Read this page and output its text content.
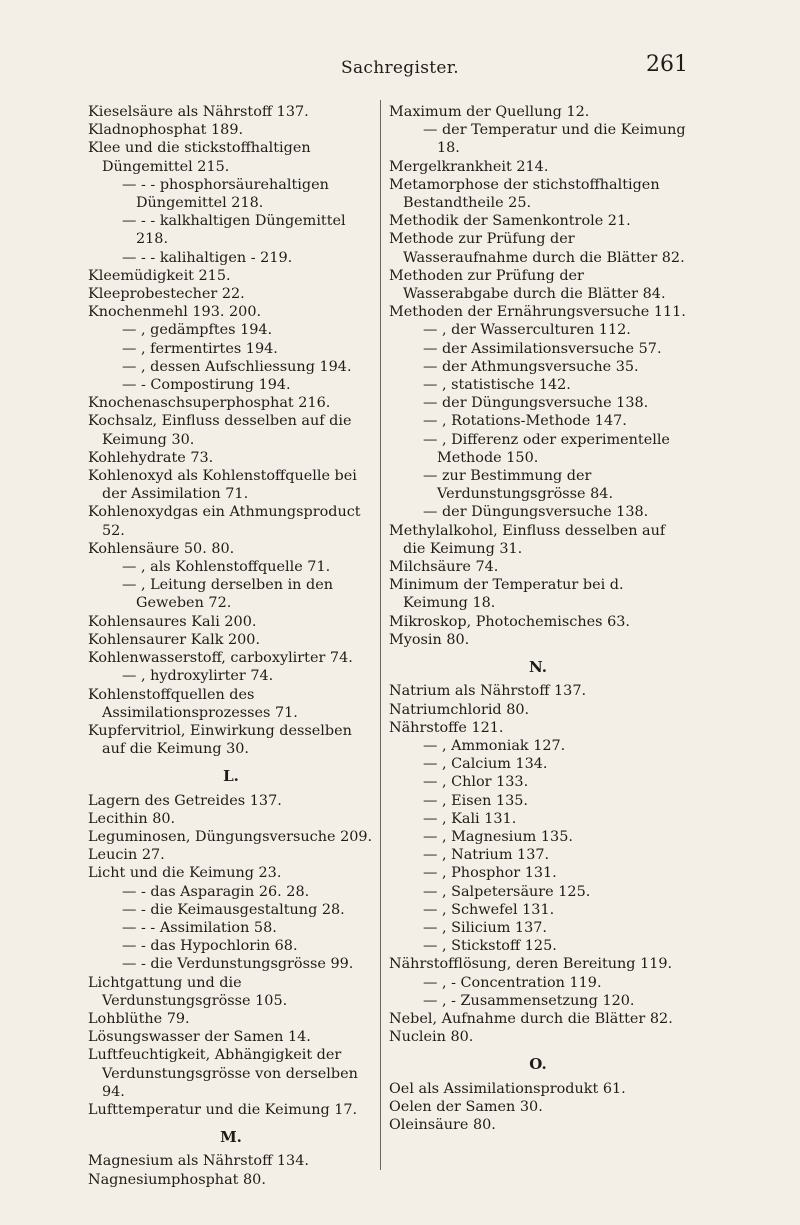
Sachregister.	261
Kieselsäure als Nährstoff 137.
Kladnophosphat 189.
Klee und die stickstoffhaltigen Düngemittel 215.
— - - phosphorsäurehaltigen Düngemittel 218.
— - - kalkhaltigen Düngemittel 218.
— - - kalihaltigen - 219.
Kleemüdigkeit 215.
Kleeprobestecher 22.
Knochenmehl 193. 200.
— , gedämpftes 194.
— , fermentirtes 194.
— , dessen Aufschliessung 194.
— - Compostirung 194.
Knochenaschsuperphosphat 216.
Kochsalz, Einfluss desselben auf die Keimung 30.
Kohlehydrate 73.
Kohlenoxyd als Kohlenstoffquelle bei der Assimilation 71.
Kohlenoxydgas ein Athmungsproduct 52.
Kohlensäure 50. 80.
— , als Kohlenstoffquelle 71.
— , Leitung derselben in den Geweben 72.
Kohlensaures Kali 200.
Kohlensaurer Kalk 200.
Kohlenwasserstoff, carboxylirter 74.
— , hydroxylirter 74.
Kohlenstoffquellen des Assimilationsprozesses 71.
Kupfervitriol, Einwirkung desselben auf die Keimung 30.
L.
Lagern des Getreides 137.
Lecithin 80.
Leguminosen, Düngungsversuche 209.
Leucin 27.
Licht und die Keimung 23.
— - das Asparagin 26. 28.
— - die Keimausgestaltung 28.
— - - Assimilation 58.
— - das Hypochlorin 68.
— - die Verdunstungsgrösse 99.
Lichtgattung und die Verdunstungsgrösse 105.
Lohblüthe 79.
Lösungswasser der Samen 14.
Luftfeuchtigkeit, Abhängigkeit der Verdunstungsgrösse von derselben 94.
Lufttemperatur und die Keimung 17.
M.
Magnesium als Nährstoff 134.
Nagnesiumphosphat 80.
Maximum der Quellung 12.
— der Temperatur und die Keimung 18.
Mergelkrankheit 214.
Metamorphose der stichstoffhaltigen Bestandtheile 25.
Methodik der Samenkontrole 21.
Methode zur Prüfung der Wasseraufnahme durch die Blätter 82.
Methoden zur Prüfung der Wasserabgabe durch die Blätter 84.
Methoden der Ernährungsversuche 111.
— , der Wasserculturen 112.
— der Assimilationsversuche 57.
— der Athmungsversuche 35.
— , statistische 142.
— der Düngungsversuche 138.
— , Rotations-Methode 147.
— , Differenz oder experimentelle Methode 150.
— zur Bestimmung der Verdunstungsgrösse 84.
— der Düngungsversuche 138.
Methylalkohol, Einfluss desselben auf die Keimung 31.
Milchsäure 74.
Minimum der Temperatur bei d. Keimung 18.
Mikroskop, Photochemisches 63.
Myosin 80.
N.
Natrium als Nährstoff 137.
Natriumchlorid 80.
Nährstoffe 121.
— , Ammoniak 127.
— , Calcium 134.
— , Chlor 133.
— , Eisen 135.
— , Kali 131.
— , Magnesium 135.
— , Natrium 137.
— , Phosphor 131.
— , Salpetersäure 125.
— , Schwefel 131.
— , Silicium 137.
— , Stickstoff 125.
Nährstofflösung, deren Bereitung 119.
— , - Concentration 119.
— , - Zusammensetzung 120.
Nebel, Aufnahme durch die Blätter 82.
Nuclein 80.
O.
Oel als Assimilationsprodukt 61.
Oelen der Samen 30.
Oleinsäure 80.
